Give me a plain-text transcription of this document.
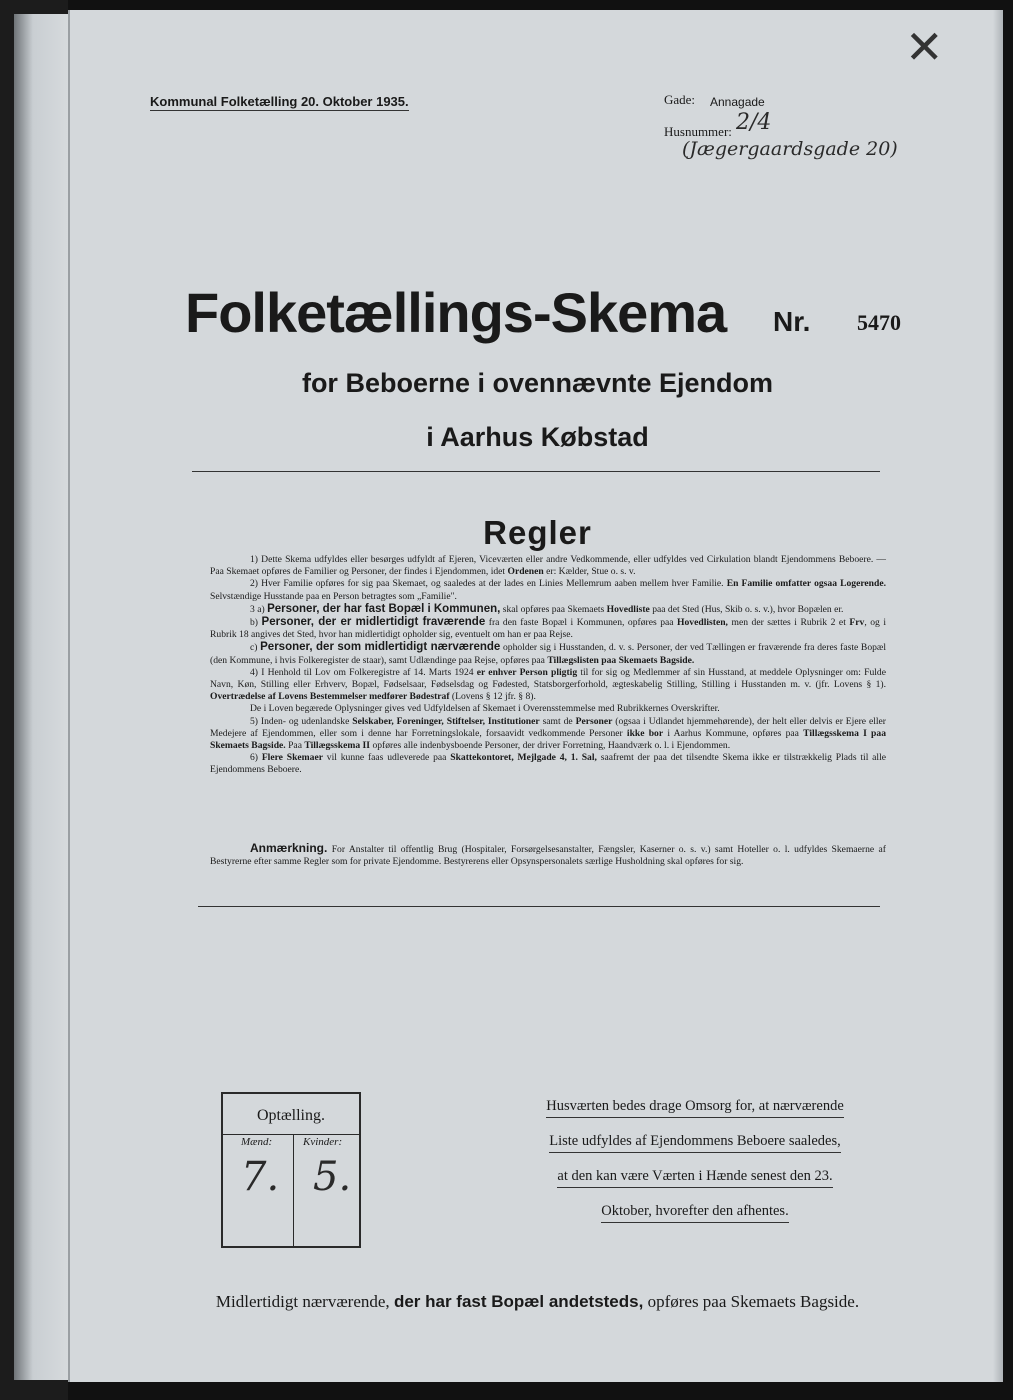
Kommunal Folketælling 20. Oktober 1935.	Gade: Annagade
Husnummer: 2/4
(Jægergaardsgade 20)
✕
Folketællings-Skema Nr. 5470
for Beboerne i ovennævnte Ejendom
i Aarhus Købstad
Regler

1) Dette Skema udfyldes eller besørges udfyldt af Ejeren, Viceværten eller andre Vedkommende, eller udfyldes ved Cirkulation blandt Ejendommens Beboere. — Paa Skemaet opføres de Familier og Personer, der findes i Ejendommen, idet Ordenen er: Kælder, Stue o. s. v.

2) Hver Familie opføres for sig paa Skemaet, og saaledes at der lades en Linies Mellemrum aaben mellem hver Familie. En Familie omfatter ogsaa Logerende. Selvstændige Husstande paa en Person betragtes som „Familie".

3 a) Personer, der har fast Bopæl i Kommunen, skal opføres paa Skemaets Hovedliste paa det Sted (Hus, Skib o. s. v.), hvor Bopælen er.

b) Personer, der er midlertidigt fraværende fra den faste Bopæl i Kommunen, opføres paa Hovedlisten, men der sættes i Rubrik 2 et Frv, og i Rubrik 18 angives det Sted, hvor han midlertidigt opholder sig, eventuelt om han er paa Rejse.

c) Personer, der som midlertidigt nærværende opholder sig i Husstanden, d. v. s. Personer, der ved Tællingen er fraværende fra deres faste Bopæl (den Kommune, i hvis Folkeregister de staar), samt Udlændinge paa Rejse, opføres paa Tillægslisten paa Skemaets Bagside.

4) I Henhold til Lov om Folkeregistre af 14. Marts 1924 er enhver Person pligtig til for sig og Medlemmer af sin Husstand, at meddele Oplysninger om: Fulde Navn, Køn, Stilling eller Erhverv, Bopæl, Fødselsaar, Fødselsdag og Fødested, Statsborgerforhold, ægteskabelig Stilling, Stilling i Husstanden m. v. (jfr. Lovens § 1). Overtrædelse af Lovens Bestemmelser medfører Bødestraf (Lovens § 12 jfr. § 8).

De i Loven begærede Oplysninger gives ved Udfyldelsen af Skemaet i Overensstemmelse med Rubrikkernes Overskrifter.

5) Inden- og udenlandske Selskaber, Foreninger, Stiftelser, Institutioner samt de Personer (ogsaa i Udlandet hjemmehørende), der helt eller delvis er Ejere eller Medejere af Ejendommen, eller som i denne har Forretningslokale, forsaavidt vedkommende Personer ikke bor i Aarhus Kommune, opføres paa Tillægsskema I paa Skemaets Bagside. Paa Tillægsskema II opføres alle indenbysboende Personer, der driver Forretning, Haandværk o. l. i Ejendommen.

6) Flere Skemaer vil kunne faas udleverede paa Skattekontoret, Mejlgade 4, 1. Sal, saafremt der paa det tilsendte Skema ikke er tilstrækkelig Plads til alle Ejendommens Beboere.

Anmærkning. For Anstalter til offentlig Brug (Hospitaler, Forsørgelsesanstalter, Fængsler, Kaserner o. s. v.) samt Hoteller o. l. udfyldes Skemaerne af Bestyrerne efter samme Regler som for private Ejendomme. Bestyrerens eller Opsynspersonalets særlige Husholdning skal opføres for sig.

Optælling.
Mænd:	Kvinder:
7. 5.
Husværten bedes drage Omsorg for, at nærværende
Liste udfyldes af Ejendommens Beboere saaledes,
at den kan være Værten i Hænde senest den 23.
Oktober, hvorefter den afhentes.
Midlertidigt nærværende, der har fast Bopæl andetsteds, opføres paa Skemaets Bagside.
